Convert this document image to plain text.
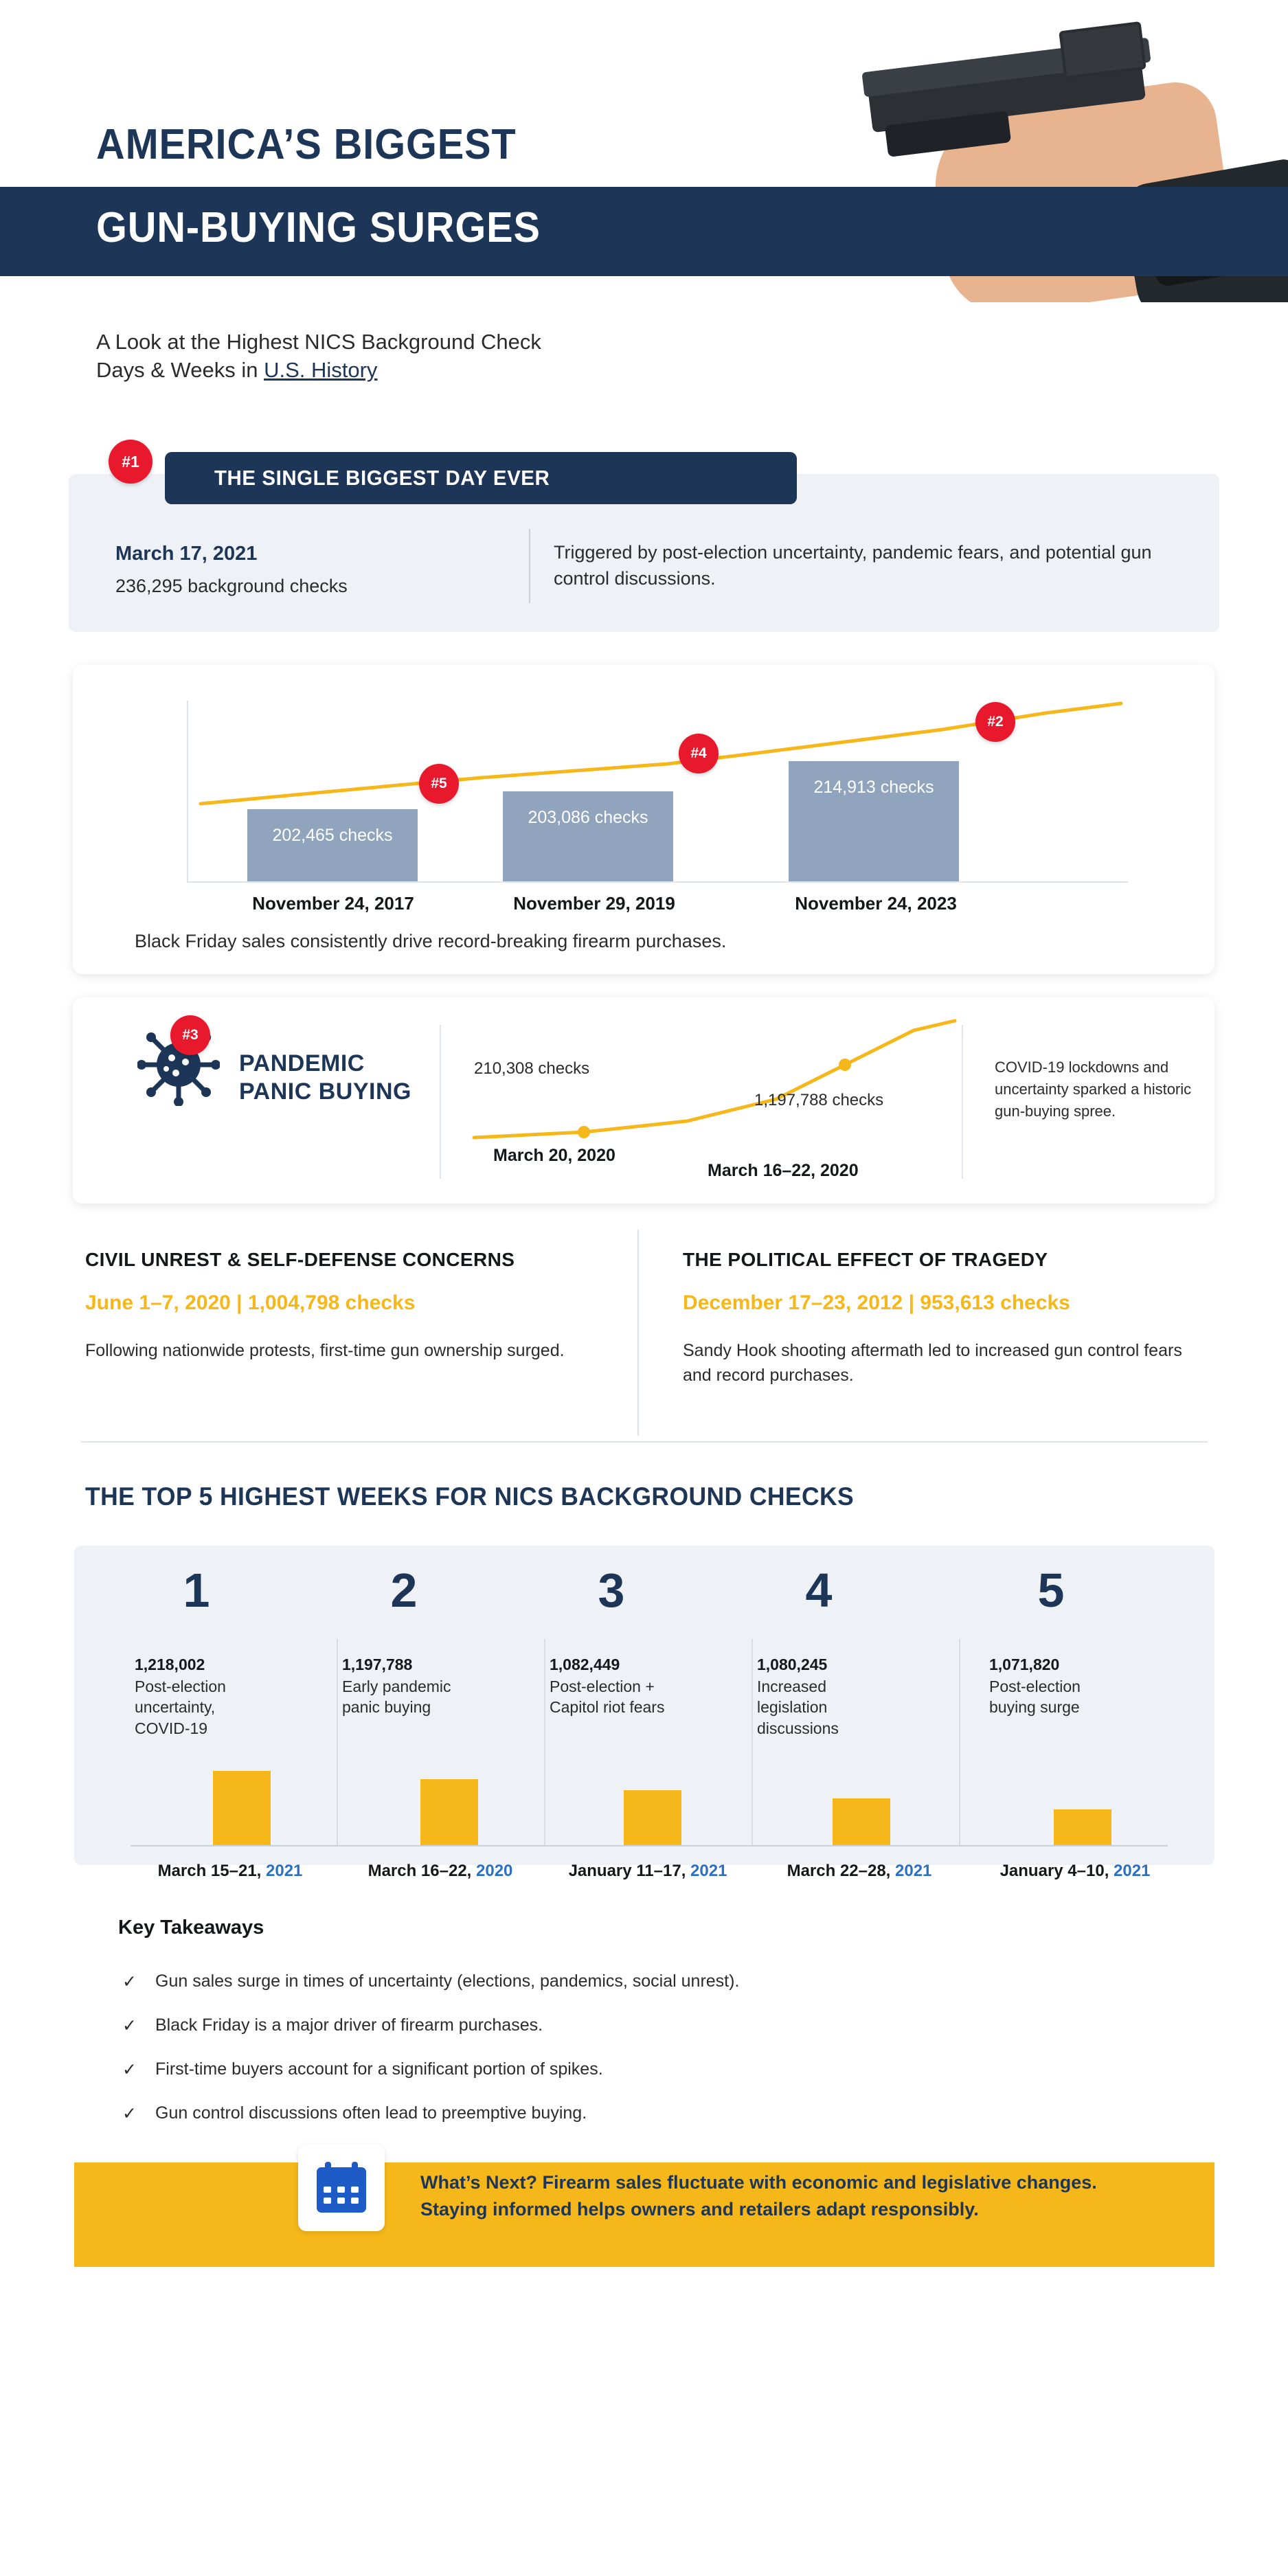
AMERICA’S BIGGEST
GUN-BUYING SURGES
A Look at the Highest NICS Background Check
Days & Weeks in U.S. History
THE SINGLE BIGGEST DAY EVER
#1
March 17, 2021
236,295 background checks
Triggered by post-election uncertainty, pandemic fears, and potential gun control discussions.
202,465 checks
203,086 checks
214,913 checks
#5
#4
#2
November 24, 2017	November 29, 2019	November 24, 2023
Black Friday sales consistently drive record-breaking firearm purchases.
#3
PANDEMIC
PANIC BUYING
210,308 checks
1,197,788 checks
March 20, 2020
March 16–22, 2020
COVID-19 lockdowns and uncertainty sparked a historic gun-buying spree.
CIVIL UNREST & SELF-DEFENSE CONCERNS
June 1–7, 2020 | 1,004,798 checks
Following nationwide protests, first-time gun ownership surged.
THE POLITICAL EFFECT OF TRAGEDY
December 17–23, 2012 | 953,613 checks
Sandy Hook shooting aftermath led to increased gun control fears and record purchases.
THE TOP 5 HIGHEST WEEKS FOR NICS BACKGROUND CHECKS
1
1,218,002
Post-election uncertainty, COVID-19
2
1,197,788
Early pandemic panic buying
3
1,082,449
Post-election + Capitol riot fears
4
1,080,245
Increased legislation discussions
5
1,071,820
Post-election buying surge
March 15–21, 2021	March 16–22, 2020	January 11–17, 2021	March 22–28, 2021	January 4–10, 2021
Key Takeaways
✓ Gun sales surge in times of uncertainty (elections, pandemics, social unrest).
✓ Black Friday is a major driver of firearm purchases.
✓ First-time buyers account for a significant portion of spikes.
✓ Gun control discussions often lead to preemptive buying.
What’s Next? Firearm sales fluctuate with economic and legislative changes. Staying informed helps owners and retailers adapt responsibly.
